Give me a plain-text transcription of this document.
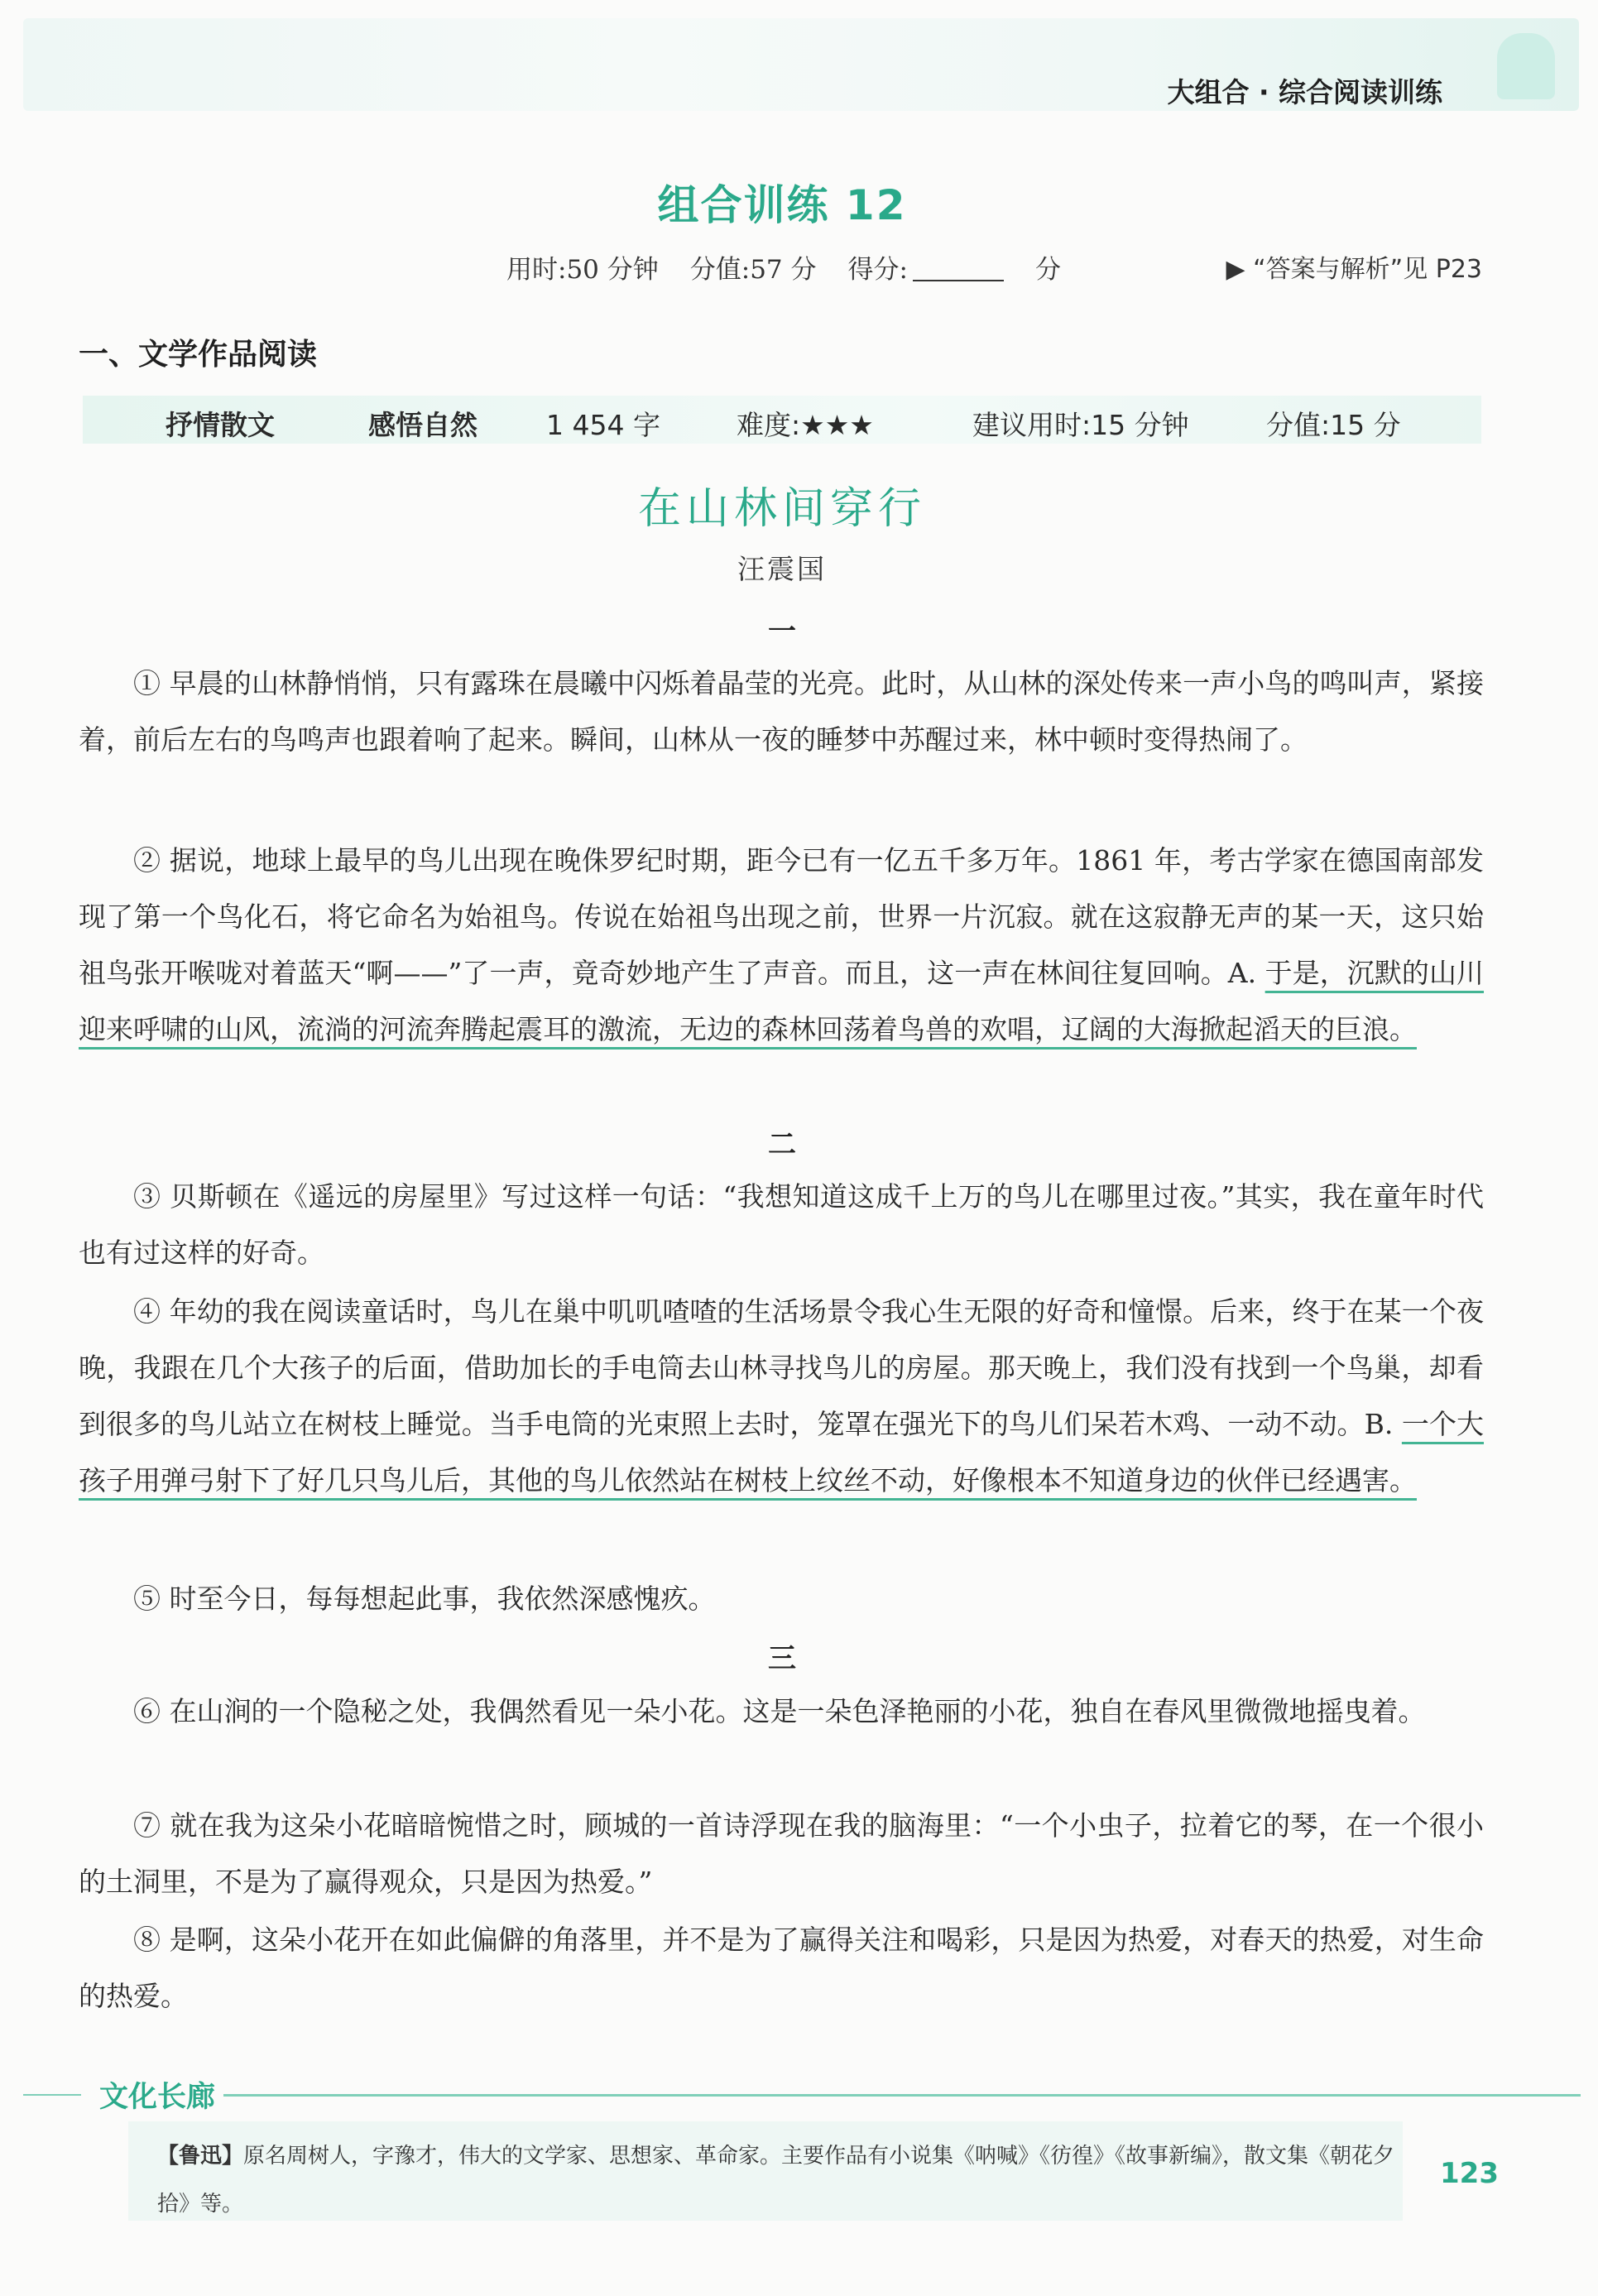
大组合 · 综合阅读训练
组合训练 12
用时:50 分钟 分值:57 分 得分:	分	▶ “答案与解析”见 P23
一、文学作品阅读
抒情散文	感悟自然	1 454 字	难度:★★★	建议用时:15 分钟	分值:15 分
在山林间穿行
汪震国
一

① 早晨的山林静悄悄，只有露珠在晨曦中闪烁着晶莹的光亮。此时，从山林的深处传来一声小鸟的鸣叫声，紧接着，前后左右的鸟鸣声也跟着响了起来。瞬间，山林从一夜的睡梦中苏醒过来，林中顿时变得热闹了。

② 据说，地球上最早的鸟儿出现在晚侏罗纪时期，距今已有一亿五千多万年。1861 年，考古学家在德国南部发现了第一个鸟化石，将它命名为始祖鸟。传说在始祖鸟出现之前，世界一片沉寂。就在这寂静无声的某一天，这只始祖鸟张开喉咙对着蓝天“啊——”了一声，竟奇妙地产生了声音。而且，这一声在林间往复回响。A. 于是，沉默的山川迎来呼啸的山风，流淌的河流奔腾起震耳的激流，无边的森林回荡着鸟兽的欢唱，辽阔的大海掀起滔天的巨浪。

二

③ 贝斯顿在《遥远的房屋里》写过这样一句话：“我想知道这成千上万的鸟儿在哪里过夜。”其实，我在童年时代也有过这样的好奇。

④ 年幼的我在阅读童话时，鸟儿在巢中叽叽喳喳的生活场景令我心生无限的好奇和憧憬。后来，终于在某一个夜晚，我跟在几个大孩子的后面，借助加长的手电筒去山林寻找鸟儿的房屋。那天晚上，我们没有找到一个鸟巢，却看到很多的鸟儿站立在树枝上睡觉。当手电筒的光束照上去时，笼罩在强光下的鸟儿们呆若木鸡、一动不动。B. 一个大孩子用弹弓射下了好几只鸟儿后，其他的鸟儿依然站在树枝上纹丝不动，好像根本不知道身边的伙伴已经遇害。

⑤ 时至今日，每每想起此事，我依然深感愧疚。

三

⑥ 在山涧的一个隐秘之处，我偶然看见一朵小花。这是一朵色泽艳丽的小花，独自在春风里微微地摇曳着。

⑦ 就在我为这朵小花暗暗惋惜之时，顾城的一首诗浮现在我的脑海里：“一个小虫子，拉着它的琴，在一个很小的土洞里，不是为了赢得观众，只是因为热爱。”

⑧ 是啊，这朵小花开在如此偏僻的角落里，并不是为了赢得关注和喝彩，只是因为热爱，对春天的热爱，对生命的热爱。

文化长廊
【鲁迅】原名周树人，字豫才，伟大的文学家、思想家、革命家。主要作品有小说集《呐喊》《彷徨》《故事新编》，散文集《朝花夕拾》等。
123
